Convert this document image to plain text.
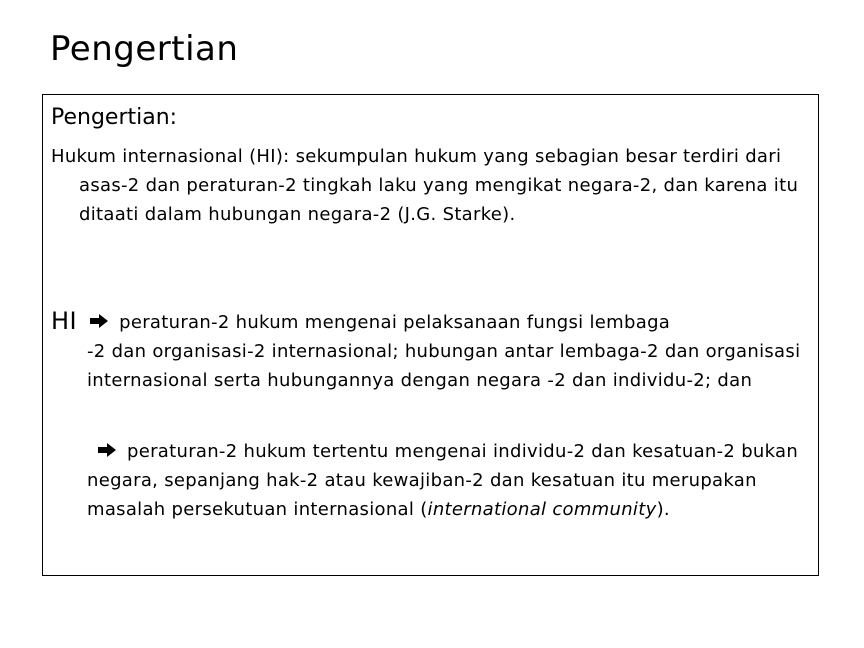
Pengertian
Pengertian:
Hukum internasional (HI): sekumpulan hukum yang sebagian besar terdiri dari asas-2 dan peraturan-2 tingkah laku yang mengikat negara-2, dan karena itu ditaati dalam hubungan negara-2 (J.G. Starke).
HI peraturan-2 hukum mengenai pelaksanaan fungsi lembaga
-2 dan organisasi-2 internasional; hubungan antar lembaga-2 dan organisasi internasional serta hubungannya dengan negara -2 dan individu-2; dan
peraturan-2 hukum tertentu mengenai individu-2 dan kesatuan-2 bukan negara, sepanjang hak-2 atau kewajiban-2 dan kesatuan itu merupakan masalah persekutuan internasional (international community).
